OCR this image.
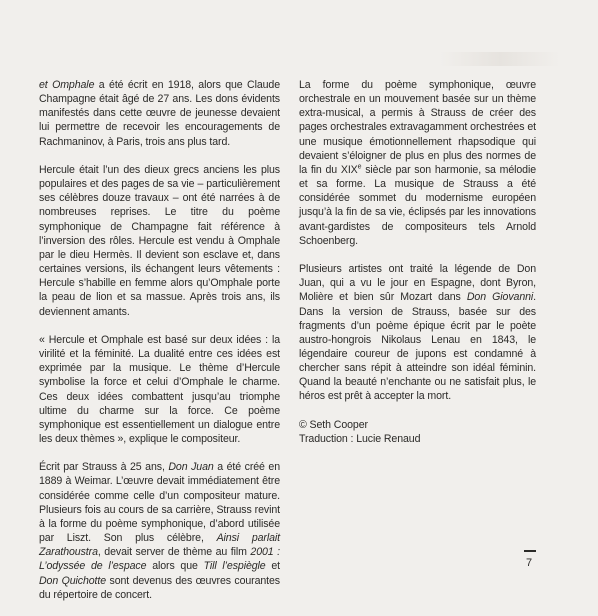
et Omphale a été écrit en 1918, alors que Claude Champagne était âgé de 27 ans. Les dons évidents manifestés dans cette œuvre de jeunesse devaient lui permettre de recevoir les encouragements de Rachmaninov, à Paris, trois ans plus tard.

Hercule était l’un des dieux grecs anciens les plus populaires et des pages de sa vie – particulièrement ses célèbres douze travaux – ont été narrées à de nombreuses reprises. Le titre du poème symphonique de Champagne fait référence à l’inversion des rôles. Hercule est vendu à Omphale par le dieu Hermès. Il devient son esclave et, dans certaines versions, ils échangent leurs vêtements : Hercule s’habille en femme alors qu’Omphale porte la peau de lion et sa massue. Après trois ans, ils deviennent amants.

« Hercule et Omphale est basé sur deux idées : la virilité et la féminité. La dualité entre ces idées est exprimée par la musique. Le thème d’Hercule symbolise la force et celui d’Omphale le charme. Ces deux idées combattent jusqu’au triomphe ultime du charme sur la force. Ce poème symphonique est essentiellement un dialogue entre les deux thèmes », explique le compositeur.

Écrit par Strauss à 25 ans, Don Juan a été créé en 1889 à Weimar. L’œuvre devait immédiatement être considérée comme celle d’un compositeur mature. Plusieurs fois au cours de sa carrière, Strauss revint à la forme du poème symphonique, d’abord utilisée par Liszt. Son plus célèbre, Ainsi parlait Zarathoustra, devait server de thème au film 2001 : L’odyssée de l’espace alors que Till l’espiègle et Don Quichotte sont devenus des œuvres courantes du répertoire de concert.

La forme du poème symphonique, œuvre orchestrale en un mouvement basée sur un thème extra-musical, a permis à Strauss de créer des pages orchestrales extravagamment orchestrées et une musique émotionnellement rhapsodique qui devaient s’éloigner de plus en plus des normes de la fin du XIXe siècle par son harmonie, sa mélodie et sa forme. La musique de Strauss a été considérée sommet du modernisme européen jusqu’à la fin de sa vie, éclipsés par les innovations avant-gardistes de compositeurs tels Arnold Schoenberg.

Plusieurs artistes ont traité la légende de Don Juan, qui a vu le jour en Espagne, dont Byron, Molière et bien sûr Mozart dans Don Giovanni. Dans la version de Strauss, basée sur des fragments d’un poème épique écrit par le poète austro-hongrois Nikolaus Lenau en 1843, le légendaire coureur de jupons est condamné à chercher sans répit à atteindre son idéal féminin. Quand la beauté n’enchante ou ne satisfait plus, le héros est prêt à accepter la mort.

© Seth Cooper

Traduction : Lucie Renaud

7
